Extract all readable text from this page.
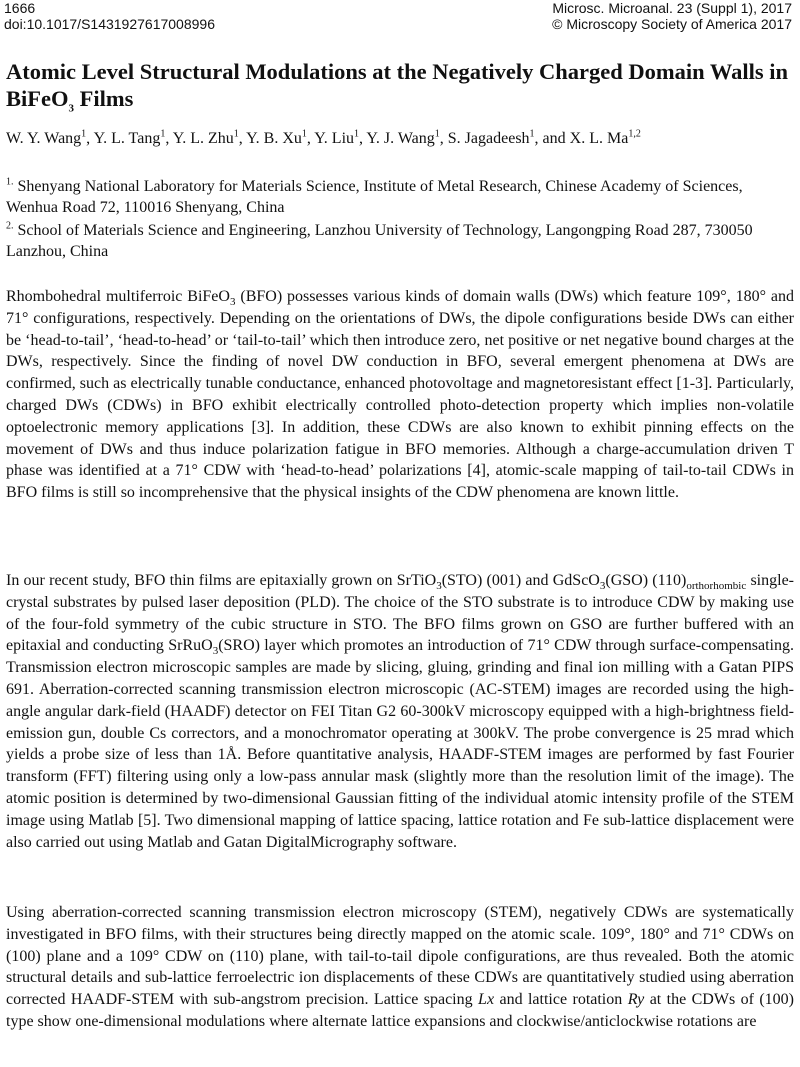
1666
doi:10.1017/S1431927617008996
Microsc. Microanal. 23 (Suppl 1), 2017
© Microscopy Society of America 2017
Atomic Level Structural Modulations at the Negatively Charged Domain Walls in BiFeO$_3$ Films
W. Y. Wang$^1$, Y. L. Tang$^1$, Y. L. Zhu$^1$, Y. B. Xu$^1$, Y. Liu$^1$, Y. J. Wang$^1$, S. Jagadeesh$^1$, and X. L. Ma$^{1,2}$
$^{1.}$ Shenyang National Laboratory for Materials Science, Institute of Metal Research, Chinese Academy of Sciences, Wenhua Road 72, 110016 Shenyang, China
$^{2.}$ School of Materials Science and Engineering, Lanzhou University of Technology, Langongping Road 287, 730050 Lanzhou, China

Rhombohedral multiferroic BiFeO$_3$ (BFO) possesses various kinds of domain walls (DWs) which feature 109°, 180° and 71° configurations, respectively. Depending on the orientations of DWs, the dipole configurations beside DWs can either be ‘head-to-tail’, ‘head-to-head’ or ‘tail-to-tail’ which then introduce zero, net positive or net negative bound charges at the DWs, respectively. Since the finding of novel DW conduction in BFO, several emergent phenomena at DWs are confirmed, such as electrically tunable conductance, enhanced photovoltage and magnetoresistant effect [1-3]. Particularly, charged DWs (CDWs) in BFO exhibit electrically controlled photo-detection property which implies non-volatile optoelectronic memory applications [3]. In addition, these CDWs are also known to exhibit pinning effects on the movement of DWs and thus induce polarization fatigue in BFO memories. Although a charge-accumulation driven T phase was identified at a 71° CDW with ‘head-to-head’ polarizations [4], atomic-scale mapping of tail-to-tail CDWs in BFO films is still so incomprehensive that the physical insights of the CDW phenomena are known little.

In our recent study, BFO thin films are epitaxially grown on SrTiO$_3$(STO) (001) and GdScO$_3$(GSO) $(110)_{orthorhombic}$ single-crystal substrates by pulsed laser deposition (PLD). The choice of the STO substrate is to introduce CDW by making use of the four-fold symmetry of the cubic structure in STO. The BFO films grown on GSO are further buffered with an epitaxial and conducting SrRuO$_3$(SRO) layer which promotes an introduction of 71° CDW through surface-compensating. Transmission electron microscopic samples are made by slicing, gluing, grinding and final ion milling with a Gatan PIPS 691. Aberration-corrected scanning transmission electron microscopic (AC-STEM) images are recorded using the high-angle angular dark-field (HAADF) detector on FEI Titan G2 60-300kV microscopy equipped with a high-brightness field-emission gun, double Cs correctors, and a monochromator operating at 300kV. The probe convergence is 25 mrad which yields a probe size of less than 1Å. Before quantitative analysis, HAADF-STEM images are performed by fast Fourier transform (FFT) filtering using only a low-pass annular mask (slightly more than the resolution limit of the image). The atomic position is determined by two-dimensional Gaussian fitting of the individual atomic intensity profile of the STEM image using Matlab [5]. Two dimensional mapping of lattice spacing, lattice rotation and Fe sub-lattice displacement were also carried out using Matlab and Gatan DigitalMicrography software.

Using aberration-corrected scanning transmission electron microscopy (STEM), negatively CDWs are systematically investigated in BFO films, with their structures being directly mapped on the atomic scale. 109°, 180° and 71° CDWs on (100) plane and a 109° CDW on (110) plane, with tail-to-tail dipole configurations, are thus revealed. Both the atomic structural details and sub-lattice ferroelectric ion displacements of these CDWs are quantitatively studied using aberration corrected HAADF-STEM with sub-angstrom precision. Lattice spacing Lx and lattice rotation Ry at the CDWs of (100) type show one-dimensional modulations where alternate lattice expansions and clockwise/anticlockwise rotations are
